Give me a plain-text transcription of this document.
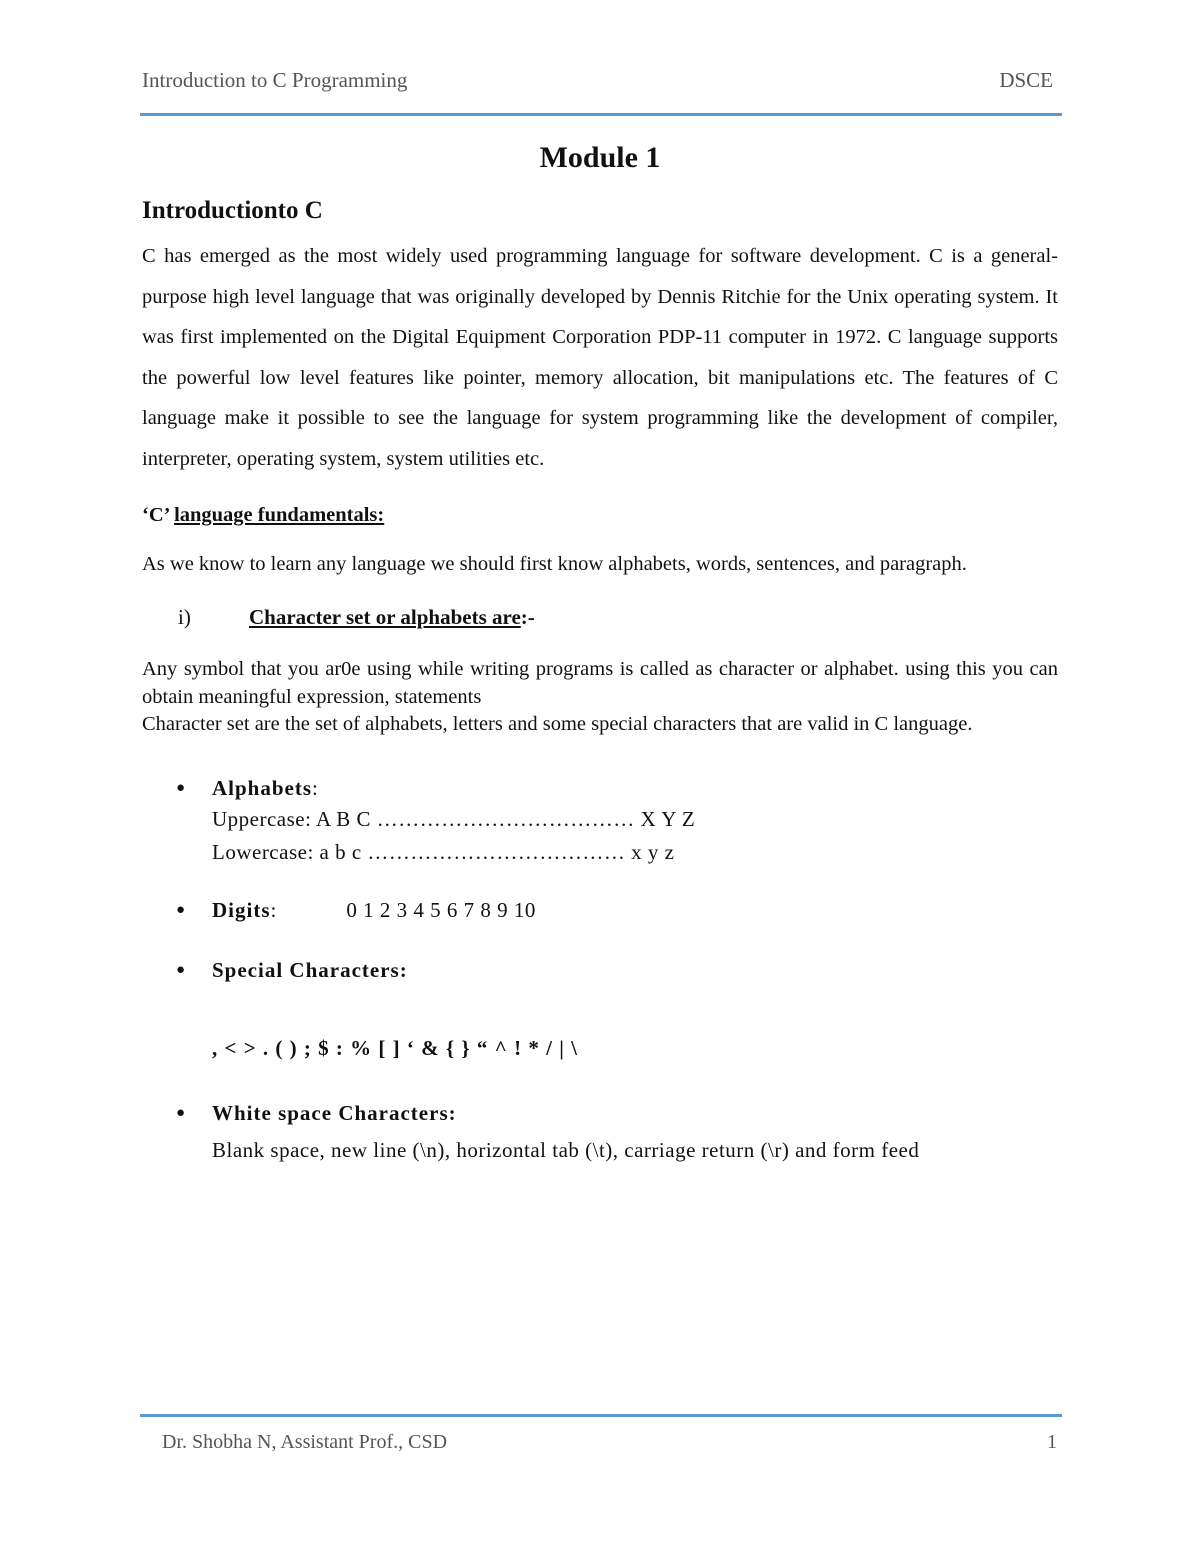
Introduction to C Programming	DSCE
Module 1
Introductionto C

C has emerged as the most widely used programming language for software development. C is a general-purpose high level language that was originally developed by Dennis Ritchie for the Unix operating system. It was first implemented on the Digital Equipment Corporation PDP-11 computer in 1972. C language supports the powerful low level features like pointer, memory allocation, bit manipulations etc. The features of C language make it possible to see the language for system programming like the development of compiler, interpreter, operating system, system utilities etc.

‘C’ language fundamentals:

As we know to learn any language we should first know alphabets, words, sentences, and paragraph.

i)	Character set or alphabets are:-

Any symbol that you ar0e using while writing programs is called as character or alphabet. using this you can obtain meaningful expression, statements
Character set are the set of alphabets, letters and some special characters that are valid in C language.

● Alphabets:
Uppercase: A B C ……………………………… X Y Z
Lowercase: a b c ……………………………… x y z
● Digits:	0 1 2 3 4 5 6 7 8 9 10
● Special Characters:
, < > . ( ) ; $ : % [ ] ‘ & { } “ ^ ! * / | \
● White space Characters:
Blank space, new line (\n), horizontal tab (\t), carriage return (\r) and form feed
Dr. Shobha N, Assistant Prof., CSD	1
